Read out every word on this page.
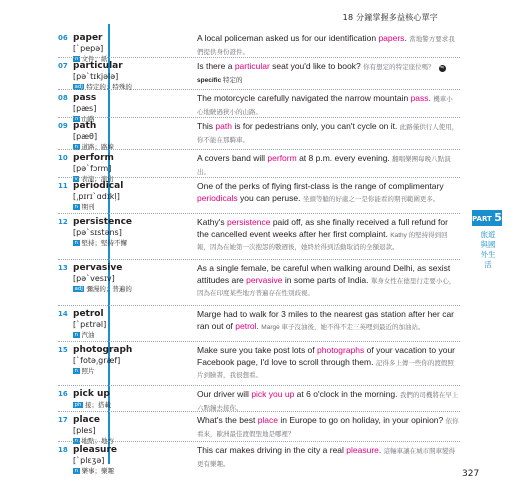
18 分鐘掌握多益核心單字
PART 5
旅遊與國外生活
06 paper
[ˋpepə]
n 文件：紙
A local policeman asked us for our identification papers. 當地警方要求我們提供身份證件。
07 particular
[pəˋtɪkjələ]
adj 特定的；特殊的
Is there a particular seat you'd like to book? 你有想定的特定座位嗎？ ≒specific 特定的
08 pass
[pæs]
n 山路
The motorcycle carefully navigated the narrow mountain pass. 機車小心地駛過狹小的山路。
09 path
[pæθ]
n 道路；路線
This path is for pedestrians only, you can't cycle on it. 此路僅供行人使用，你不能在那騎車。
10 perform
[pəˋfɔrm]
v 表演；演出
A covers band will perform at 8 p.m. every evening. 翻唱樂團每晚八點演出。
11 periodical
[͵pɪrɪˋɑdɪkḷ]
n 期刊
One of the perks of flying first-class is the range of complimentary periodicals you can peruse. 坐頭等艙的好處之一是你能看的期刊範圍更多。
12 persistence
[pəˋsɪstəns]
n 堅持；堅持不懈
Kathy's persistence paid off, as she finally received a full refund for the cancelled event weeks after her first complaint. Kathy 的堅持得到回報，因為在她第一次抱怨的數週後，她終於得到活動取消的全額退款。
13 pervasive
[pəˋvesɪv]
adj 彌漫的；普遍的
As a single female, be careful when walking around Delhi, as sexist attitudes are pervasive in some parts of India. 單身女性在德里行走要小心，因為在印度某些地方普遍存在性別歧視。
14 petrol
[ˋpɛtrəl]
n 汽油
Marge had to walk for 3 miles to the nearest gas station after her car ran out of petrol. Marge 車子沒油後，她不得不走三英哩到最近的加油站。
15 photograph
[ˋfotə͵græf]
n 照片
Make sure you take post lots of photographs of your vacation to your Facebook page, I'd love to scroll through them. 記得多上傳一些你的渡假照片到臉書，我很想看。
16 pick up
ph 接；搭載
Our driver will pick you up at 6 o'clock in the morning. 我們的司機將在早上六點鐘去接你。
17 place
[ples]
n 地點；地方
What's the best place in Europe to go on holiday, in your opinion? 依你看來，歐洲最佳渡假聖地是哪裡？
18 pleasure
[ˋplɛʒə]
n 樂事；樂趣
This car makes driving in the city a real pleasure. 這輛車讓在城市開車變得更有樂趣。
327
